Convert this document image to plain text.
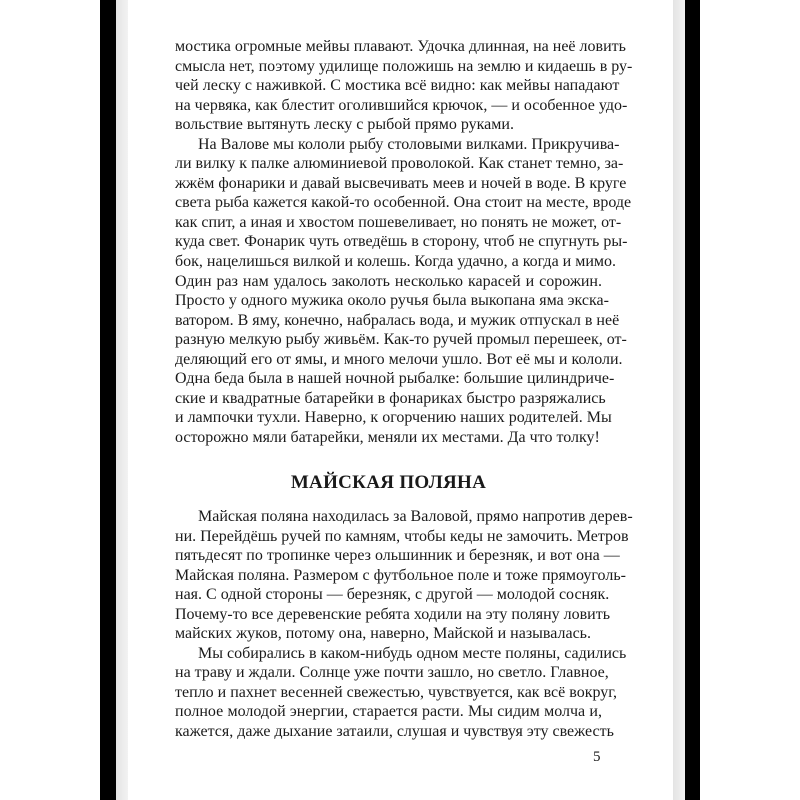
мостика огромные мейвы плавают. Удочка длинная, на неё ловить
смысла нет, поэтому удилище положишь на землю и кидаешь в ру-
чей леску с наживкой. С мостика всё видно: как мейвы нападают
на червяка, как блестит оголившийся крючок, — и особенное удо-
вольствие вытянуть леску с рыбой прямо руками.
На Валове мы кололи рыбу столовыми вилками. Прикручива-
ли вилку к палке алюминиевой проволокой. Как станет темно, за-
жжём фонарики и давай высвечивать меев и ночей в воде. В круге
света рыба кажется какой-то особенной. Она стоит на месте, вроде
как спит, а иная и хвостом пошевеливает, но понять не может, от-
куда свет. Фонарик чуть отведёшь в сторону, чтоб не спугнуть ры-
бок, нацелишься вилкой и колешь. Когда удачно, а когда и мимо.
Один раз нам удалось заколоть несколько карасей и сорожин.
Просто у одного мужика около ручья была выкопана яма экска-
ватором. В яму, конечно, набралась вода, и мужик отпускал в неё
разную мелкую рыбу живьём. Как-то ручей промыл перешеек, от-
деляющий его от ямы, и много мелочи ушло. Вот её мы и кололи.
Одна беда была в нашей ночной рыбалке: большие цилиндриче-
ские и квадратные батарейки в фонариках быстро разряжались
и лампочки тухли. Наверно, к огорчению наших родителей. Мы
осторожно мяли батарейки, меняли их местами. Да что толку!
МАЙСКАЯ ПОЛЯНА
Майская поляна находилась за Валовой, прямо напротив дерев-
ни. Перейдёшь ручей по камням, чтобы кеды не замочить. Метров
пятьдесят по тропинке через ольшинник и березняк, и вот она —
Майская поляна. Размером с футбольное поле и тоже прямоуголь-
ная. С одной стороны — березняк, с другой — молодой сосняк.
Почему-то все деревенские ребята ходили на эту поляну ловить
майских жуков, потому она, наверно, Майской и называлась.
Мы собирались в каком-нибудь одном месте поляны, садились
на траву и ждали. Солнце уже почти зашло, но светло. Главное,
тепло и пахнет весенней свежестью, чувствуется, как всё вокруг,
полное молодой энергии, старается расти. Мы сидим молча и,
кажется, даже дыхание затаили, слушая и чувствуя эту свежесть
5
